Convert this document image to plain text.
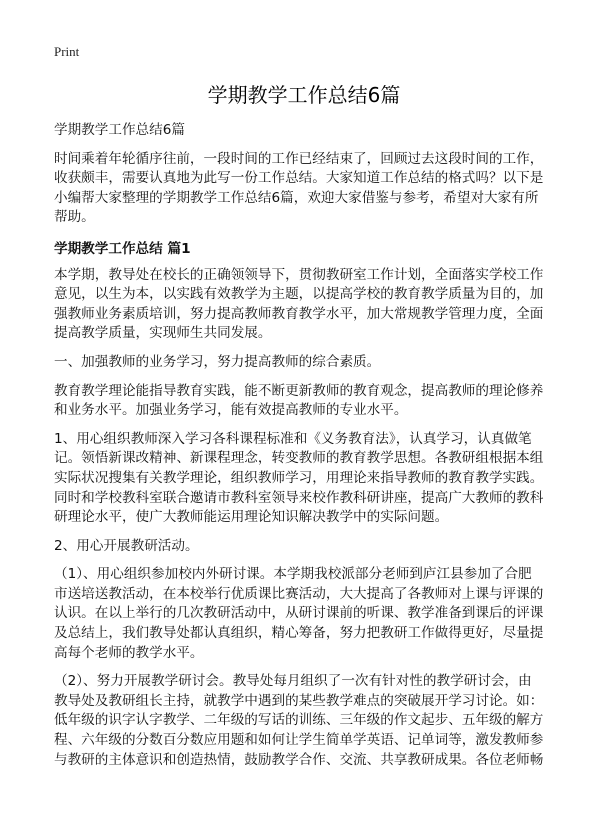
Print
学期教学工作总结6篇
学期教学工作总结6篇
时间乘着年轮循序往前，一段时间的工作已经结束了，回顾过去这段时间的工作，
收获颇丰，需要认真地为此写一份工作总结。大家知道工作总结的格式吗？以下是
小编帮大家整理的学期教学工作总结6篇，欢迎大家借鉴与参考，希望对大家有所
帮助。
学期教学工作总结 篇1
本学期，教导处在校长的正确领领导下，贯彻教研室工作计划，全面落实学校工作
意见，以生为本，以实践有效教学为主题，以提高学校的教育教学质量为目的，加
强教师业务素质培训，努力提高教师教育教学水平，加大常规教学管理力度，全面
提高教学质量，实现师生共同发展。
一、加强教师的业务学习，努力提高教师的综合素质。
教育教学理论能指导教育实践，能不断更新教师的教育观念，提高教师的理论修养
和业务水平。加强业务学习，能有效提高教师的专业水平。
1、用心组织教师深入学习各科课程标准和《义务教育法》，认真学习，认真做笔
记。领悟新课改精神、新课程理念，转变教师的教育教学思想。各教研组根据本组
实际状况搜集有关教学理论，组织教师学习，用理论来指导教师的教育教学实践。
同时和学校教科室联合邀请市教科室领导来校作教科研讲座，提高广大教师的教科
研理论水平，使广大教师能运用理论知识解决教学中的实际问题。
2、用心开展教研活动。
（1）、用心组织参加校内外研讨课。本学期我校派部分老师到庐江县参加了合肥
市送培送教活动，在本校举行优质课比赛活动，大大提高了各教师对上课与评课的
认识。在以上举行的几次教研活动中，从研讨课前的听课、教学准备到课后的评课
及总结上，我们教导处都认真组织，精心筹备，努力把教研工作做得更好，尽量提
高每个老师的教学水平。
（2）、努力开展教学研讨会。教导处每月组织了一次有针对性的教学研讨会，由
教导处及教研组长主持，就教学中遇到的某些教学难点的突破展开学习讨论。如：
低年级的识字认字教学、二年级的写话的训练、三年级的作文起步、五年级的解方
程、六年级的分数百分数应用题和如何让学生简单学英语、记单词等，激发教师参
与教研的主体意识和创造热情，鼓励教学合作、交流、共享教研成果。各位老师畅
